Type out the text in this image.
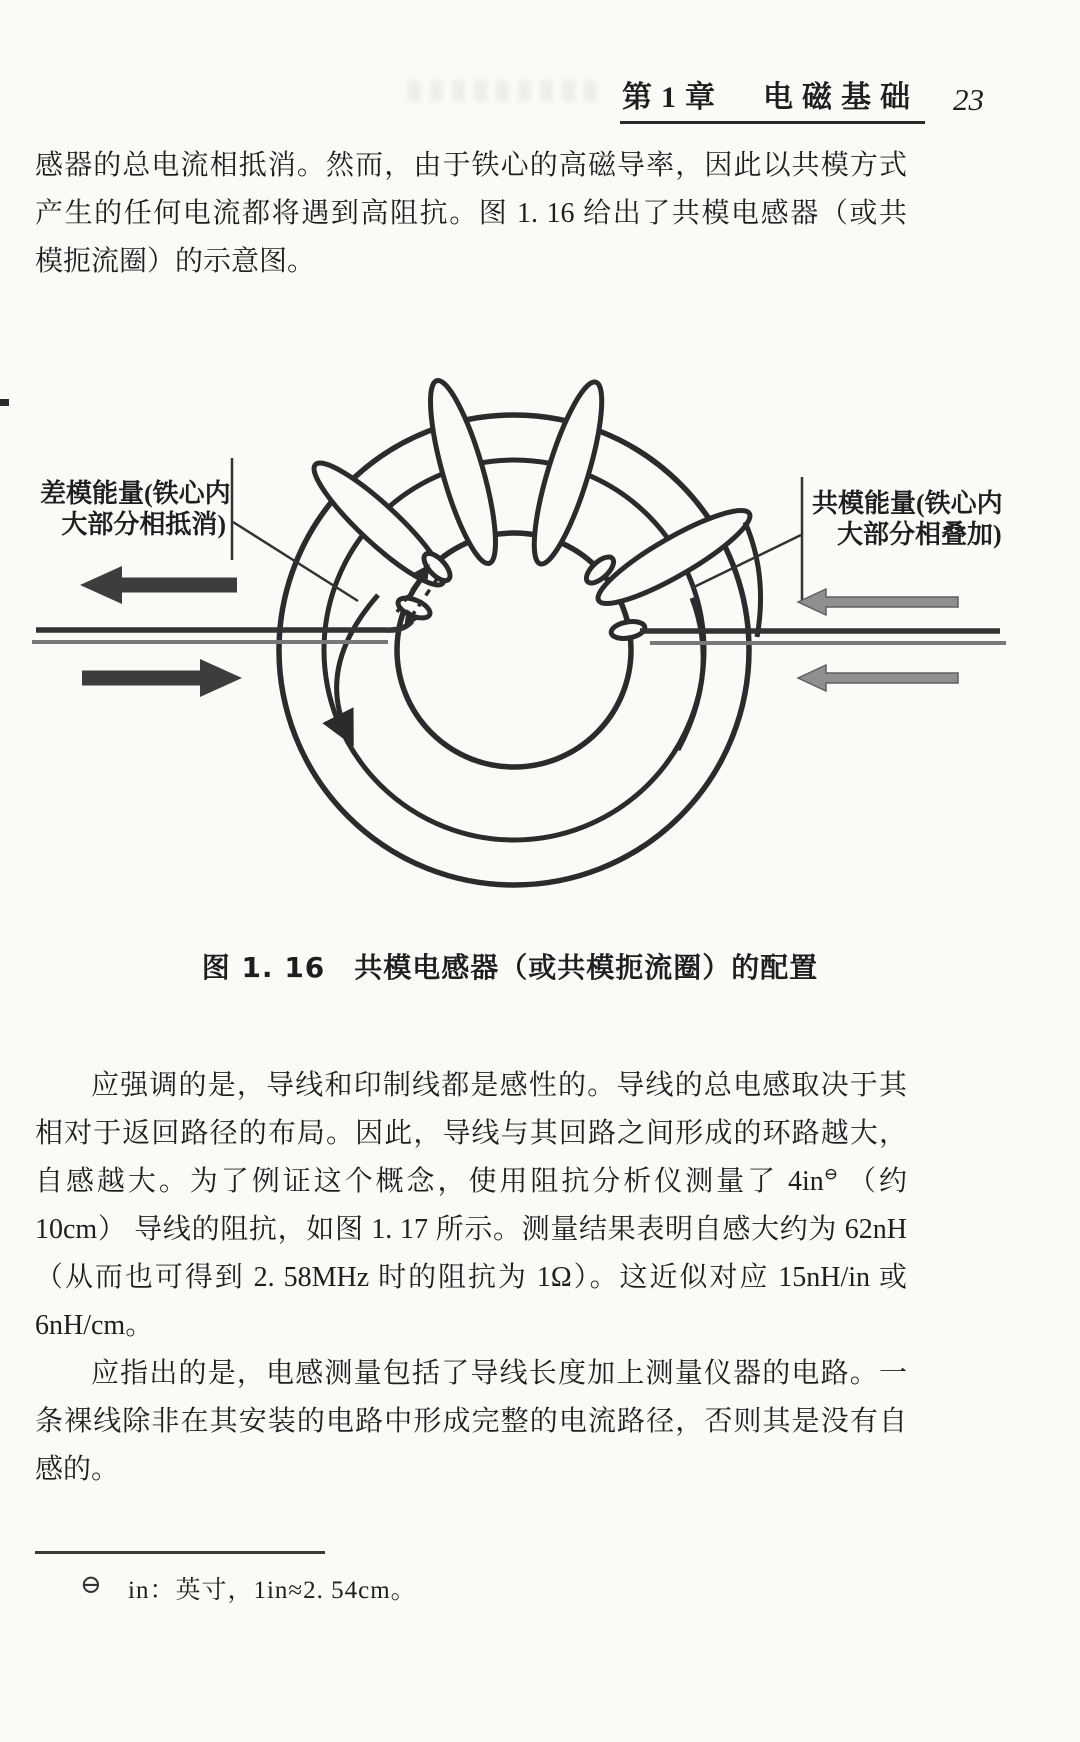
第1章　电磁基础 23
感器的总电流相抵消。然而，由于铁心的高磁导率，因此以共模方式
产生的任何电流都将遇到高阻抗。图 1. 16 给出了共模电感器（或共
模扼流圈）的示意图。
应强调的是，导线和印制线都是感性的。导线的总电感取决于其
相对于返回路径的布局。因此，导线与其回路之间形成的环路越大，
自感越大。为了例证这个概念，使用阻抗分析仪测量了 4in⊖ （约
10cm） 导线的阻抗，如图 1. 17 所示。测量结果表明自感大约为 62nH
（从而也可得到 2. 58MHz 时的阻抗为 1Ω）。这近似对应 15nH/in 或
6nH/cm。
应指出的是，电感测量包括了导线长度加上测量仪器的电路。一
条裸线除非在其安装的电路中形成完整的电流路径，否则其是没有自
感的。
差模能量(铁心内
大部分相抵消)
共模能量(铁心内
大部分相叠加)
图 1. 16　共模电感器（或共模扼流圈）的配置
⊖ in：英寸，1in≈2. 54cm。
